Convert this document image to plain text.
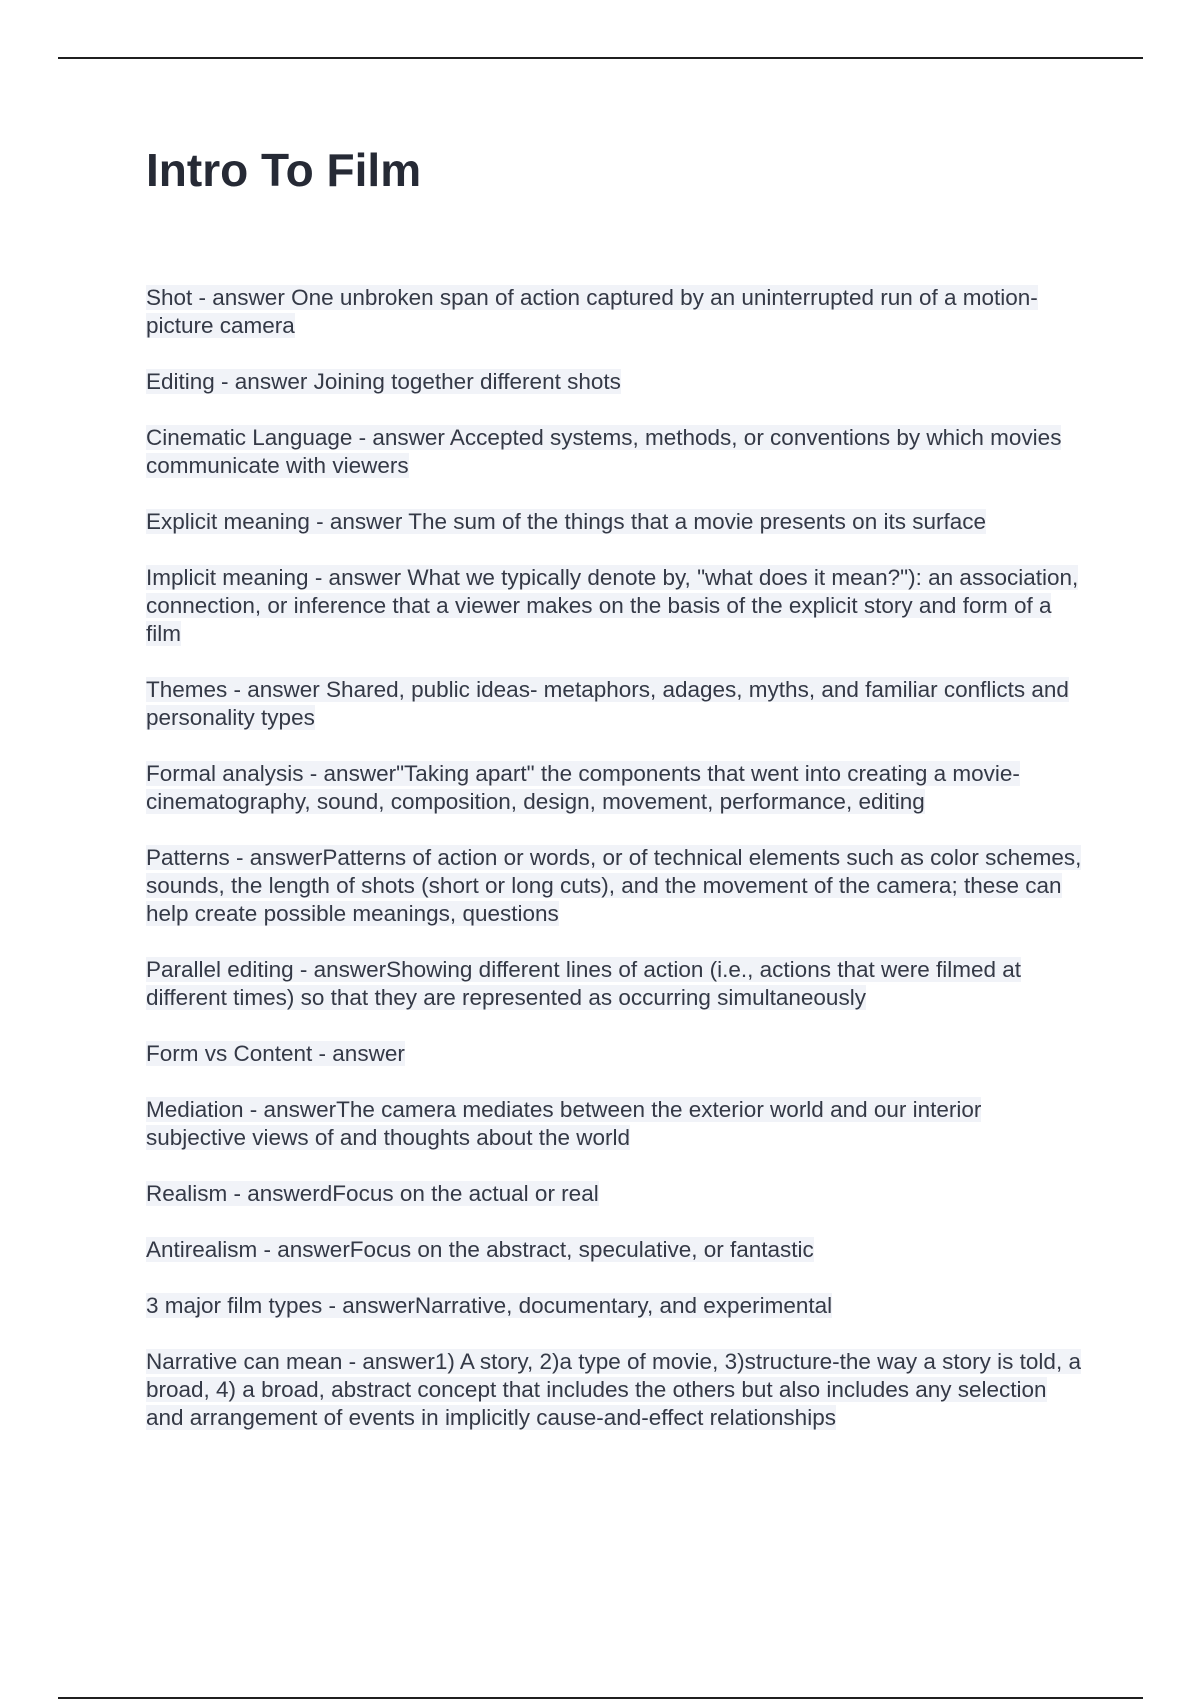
Intro To Film
Shot - answer One unbroken span of action captured by an uninterrupted run of a motion-picture camera
Editing - answer Joining together different shots
Cinematic Language - answer Accepted systems, methods, or conventions by which movies communicate with viewers
Explicit meaning - answer The sum of the things that a movie presents on its surface
Implicit meaning - answer What we typically denote by, "what does it mean?"): an association, connection, or inference that a viewer makes on the basis of the explicit story and form of a film
Themes - answer Shared, public ideas- metaphors, adages, myths, and familiar conflicts and personality types
Formal analysis - answer"Taking apart" the components that went into creating a movie- cinematography, sound, composition, design, movement, performance, editing
Patterns - answerPatterns of action or words, or of technical elements such as color schemes, sounds, the length of shots (short or long cuts), and the movement of the camera; these can help create possible meanings, questions
Parallel editing - answerShowing different lines of action (i.e., actions that were filmed at different times) so that they are represented as occurring simultaneously
Form vs Content - answer
Mediation - answerThe camera mediates between the exterior world and our interior subjective views of and thoughts about the world
Realism - answerdFocus on the actual or real
Antirealism - answerFocus on the abstract, speculative, or fantastic
3 major film types - answerNarrative, documentary, and experimental
Narrative can mean - answer1) A story, 2)a type of movie, 3)structure-the way a story is told, a broad, 4) a broad, abstract concept that includes the others but also includes any selection and arrangement of events in implicitly cause-and-effect relationships
